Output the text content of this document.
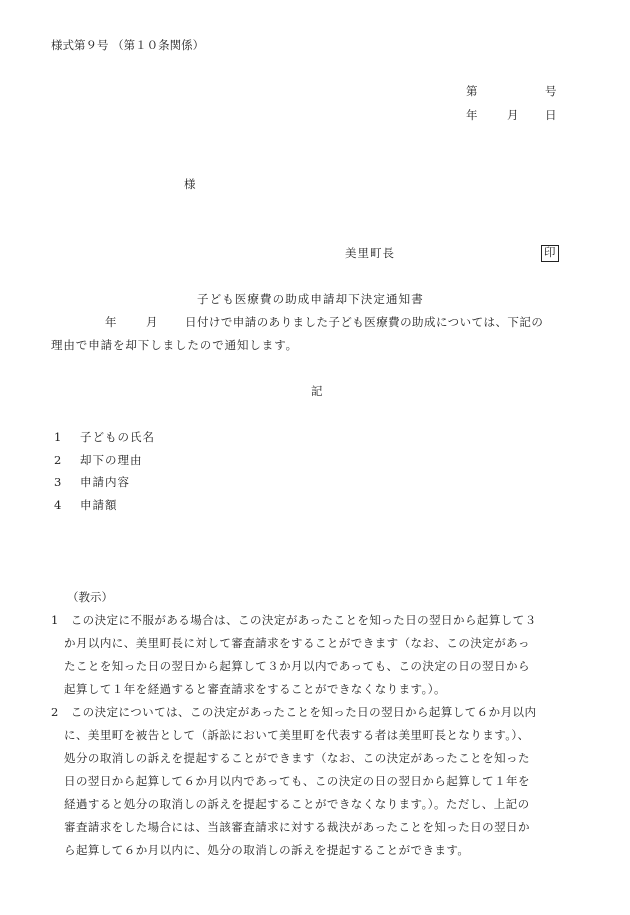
様式第９号 （第１０条関係）
第	号
年	月 日
様
美里町長	印
子ども医療費の助成申請却下決定通知書
年	月 日付けで申請のありました子ども医療費の助成については、下記の
理由で申請を却下しましたので通知します。
記
1 子どもの氏名
2 却下の理由
3 申請内容
4 申請額
（教示）
1　この決定に不服がある場合は、この決定があったことを知った日の翌日から起算して３
か月以内に、美里町長に対して審査請求をすることができます（なお、この決定があっ
たことを知った日の翌日から起算して３か月以内であっても、この決定の日の翌日から
起算して１年を経過すると審査請求をすることができなくなります。）。
2　この決定については、この決定があったことを知った日の翌日から起算して６か月以内
に、美里町を被告として（訴訟において美里町を代表する者は美里町長となります。）、
処分の取消しの訴えを提起することができます（なお、この決定があったことを知った
日の翌日から起算して６か月以内であっても、この決定の日の翌日から起算して１年を
経過すると処分の取消しの訴えを提起することができなくなります。）。ただし、上記の
審査請求をした場合には、当該審査請求に対する裁決があったことを知った日の翌日か
ら起算して６か月以内に、処分の取消しの訴えを提起することができます。
